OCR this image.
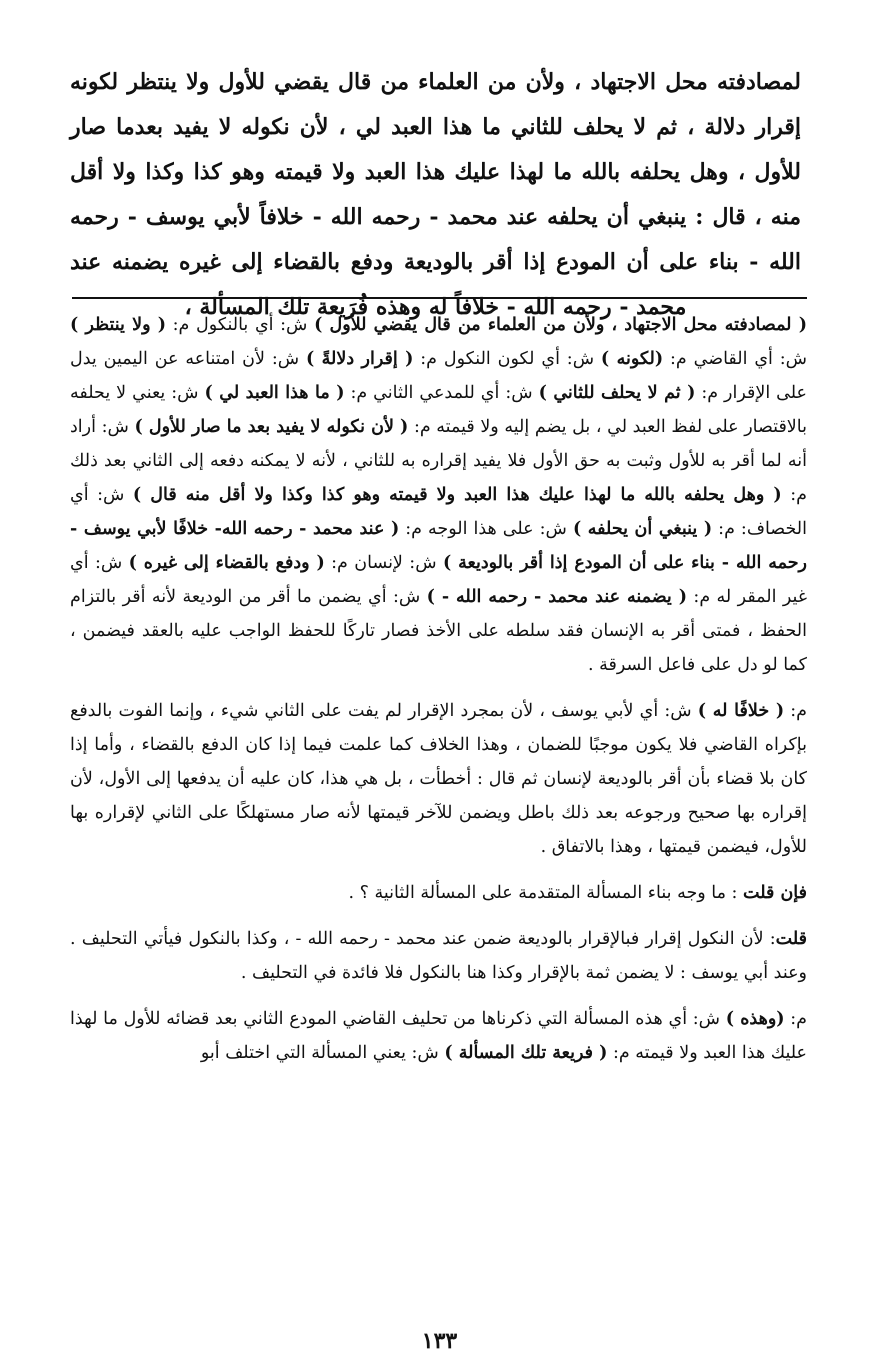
لمصادفته محل الاجتهاد ، ولأن من العلماء من قال يقضي للأول ولا ينتظر لكونه إقرار دلالة ، ثم لا يحلف للثاني ما هذا العبد لي ، لأن نكوله لا يفيد بعدما صار للأول ، وهل يحلفه بالله ما لهذا عليك هذا العبد ولا قيمته وهو كذا وكذا ولا أقل منه ، قال : ينبغي أن يحلفه عند محمد - رحمه الله - خلافاً لأبي يوسف - رحمه الله - بناء على أن المودع إذا أقر بالوديعة ودفع بالقضاء إلى غيره يضمنه عند محمد - رحمه الله - خلافاً له وهذه فُرَيعة تلك المسألة ،

( لمصادفته محل الاجتهاد ، ولأن من العلماء من قال يقضي للأول ) ش: أي بالنكول م: ( ولا ينتظر ) ش: أي القاضي م: (لكونه ) ش: أي لكون النكول م: ( إقرار دلالةً ) ش: لأن امتناعه عن اليمين يدل على الإقرار م: ( ثم لا يحلف للثاني ) ش: أي للمدعي الثاني م: ( ما هذا العبد لي ) ش: يعني لا يحلفه بالاقتصار على لفظ العبد لي ، بل يضم إليه ولا قيمته م: ( لأن نكوله لا يفيد بعد ما صار للأول ) ش: أراد أنه لما أقر به للأول وثبت به حق الأول فلا يفيد إقراره به للثاني ، لأنه لا يمكنه دفعه إلى الثاني بعد ذلك م: ( وهل يحلفه بالله ما لهذا عليك هذا العبد ولا قيمته وهو كذا وكذا ولا أقل منه قال ) ش: أي الخصاف: م: ( ينبغي أن يحلفه ) ش: على هذا الوجه م: ( عند محمد - رحمه الله- خلافًا لأبي يوسف - رحمه الله - بناء على أن المودع إذا أقر بالوديعة ) ش: لإنسان م: ( ودفع بالقضاء إلى غيره ) ش: أي غير المقر له م: ( يضمنه عند محمد - رحمه الله - ) ش: أي يضمن ما أقر من الوديعة لأنه أقر بالتزام الحفظ ، فمتى أقر به الإنسان فقد سلطه على الأخذ فصار تاركًا للحفظ الواجب عليه بالعقد فيضمن ، كما لو دل على فاعل السرقة .

م: ( خلافًا له ) ش: أي لأبي يوسف ، لأن بمجرد الإقرار لم يفت على الثاني شيء ، وإنما الفوت بالدفع بإكراه القاضي فلا يكون موجبًا للضمان ، وهذا الخلاف كما علمت فيما إذا كان الدفع بالقضاء ، وأما إذا كان بلا قضاء بأن أقر بالوديعة لإنسان ثم قال : أخطأت ، بل هي هذا، كان عليه أن يدفعها إلى الأول، لأن إقراره بها صحيح ورجوعه بعد ذلك باطل ويضمن للآخر قيمتها لأنه صار مستهلكًا على الثاني لإقراره بها للأول، فيضمن قيمتها ، وهذا بالاتفاق .

فإن قلت : ما وجه بناء المسألة المتقدمة على المسألة الثانية ؟ .

قلت: لأن النكول إقرار فبالإقرار بالوديعة ضمن عند محمد - رحمه الله - ، وكذا بالنكول فيأتي التحليف . وعند أبي يوسف : لا يضمن ثمة بالإقرار وكذا هنا بالنكول فلا فائدة في التحليف .

م: (وهذه ) ش: أي هذه المسألة التي ذكرناها من تحليف القاضي المودع الثاني بعد قضائه للأول ما لهذا عليك هذا العبد ولا قيمته م: ( فريعة تلك المسألة ) ش: يعني المسألة التي اختلف أبو

١٣٣
